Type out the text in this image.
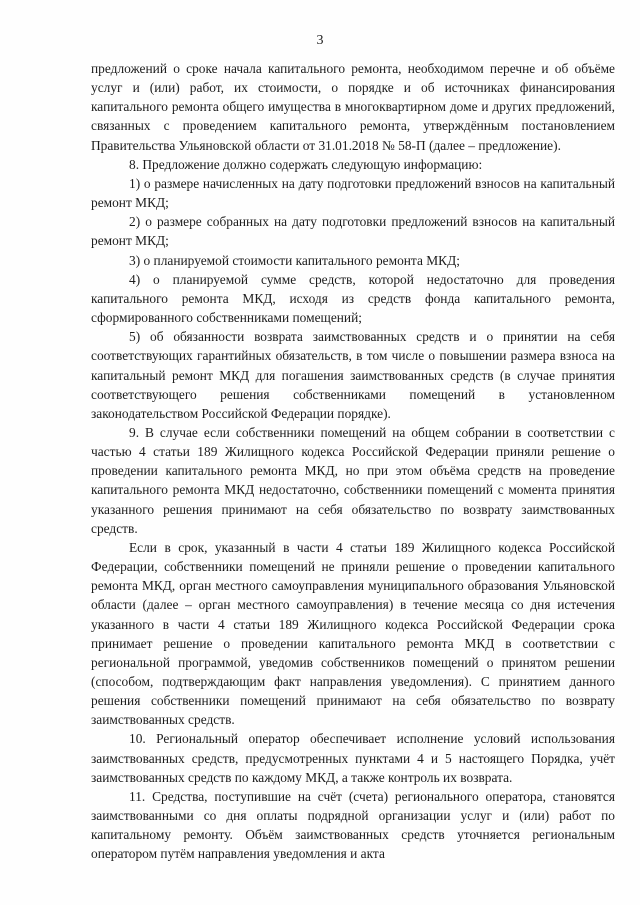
3

предложений о сроке начала капитального ремонта, необходимом перечне и об объёме услуг и (или) работ, их стоимости, о порядке и об источниках финансирования капитального ремонта общего имущества в многоквартирном доме и других предложений, связанных с проведением капитального ремонта, утверждённым постановлением Правительства Ульяновской области от 31.01.2018 № 58-П (далее – предложение).

8. Предложение должно содержать следующую информацию:

1) о размере начисленных на дату подготовки предложений взносов на капитальный ремонт МКД;

2) о размере собранных на дату подготовки предложений взносов на капитальный ремонт МКД;

3) о планируемой стоимости капитального ремонта МКД;

4) о планируемой сумме средств, которой недостаточно для проведения капитального ремонта МКД, исходя из средств фонда капитального ремонта, сформированного собственниками помещений;

5) об обязанности возврата заимствованных средств и о принятии на себя соответствующих гарантийных обязательств, в том числе о повышении размера взноса на капитальный ремонт МКД для погашения заимствованных средств (в случае принятия соответствующего решения собственниками помещений в установленном законодательством Российской Федерации порядке).

9. В случае если собственники помещений на общем собрании в соответствии с частью 4 статьи 189 Жилищного кодекса Российской Федерации приняли решение о проведении капитального ремонта МКД, но при этом объёма средств на проведение капитального ремонта МКД недостаточно, собственники помещений с момента принятия указанного решения принимают на себя обязательство по возврату заимствованных средств.

Если в срок, указанный в части 4 статьи 189 Жилищного кодекса Российской Федерации, собственники помещений не приняли решение о проведении капитального ремонта МКД, орган местного самоуправления муниципального образования Ульяновской области (далее – орган местного самоуправления) в течение месяца со дня истечения указанного в части 4 статьи 189 Жилищного кодекса Российской Федерации срока принимает решение о проведении капитального ремонта МКД в соответствии с региональной программой, уведомив собственников помещений о принятом решении (способом, подтверждающим факт направления уведомления). С принятием данного решения собственники помещений принимают на себя обязательство по возврату заимствованных средств.

10. Региональный оператор обеспечивает исполнение условий использования заимствованных средств, предусмотренных пунктами 4 и 5 настоящего Порядка, учёт заимствованных средств по каждому МКД, а также контроль их возврата.

11. Средства, поступившие на счёт (счета) регионального оператора, становятся заимствованными со дня оплаты подрядной организации услуг и (или) работ по капитальному ремонту. Объём заимствованных средств уточняется региональным оператором путём направления уведомления и акта
